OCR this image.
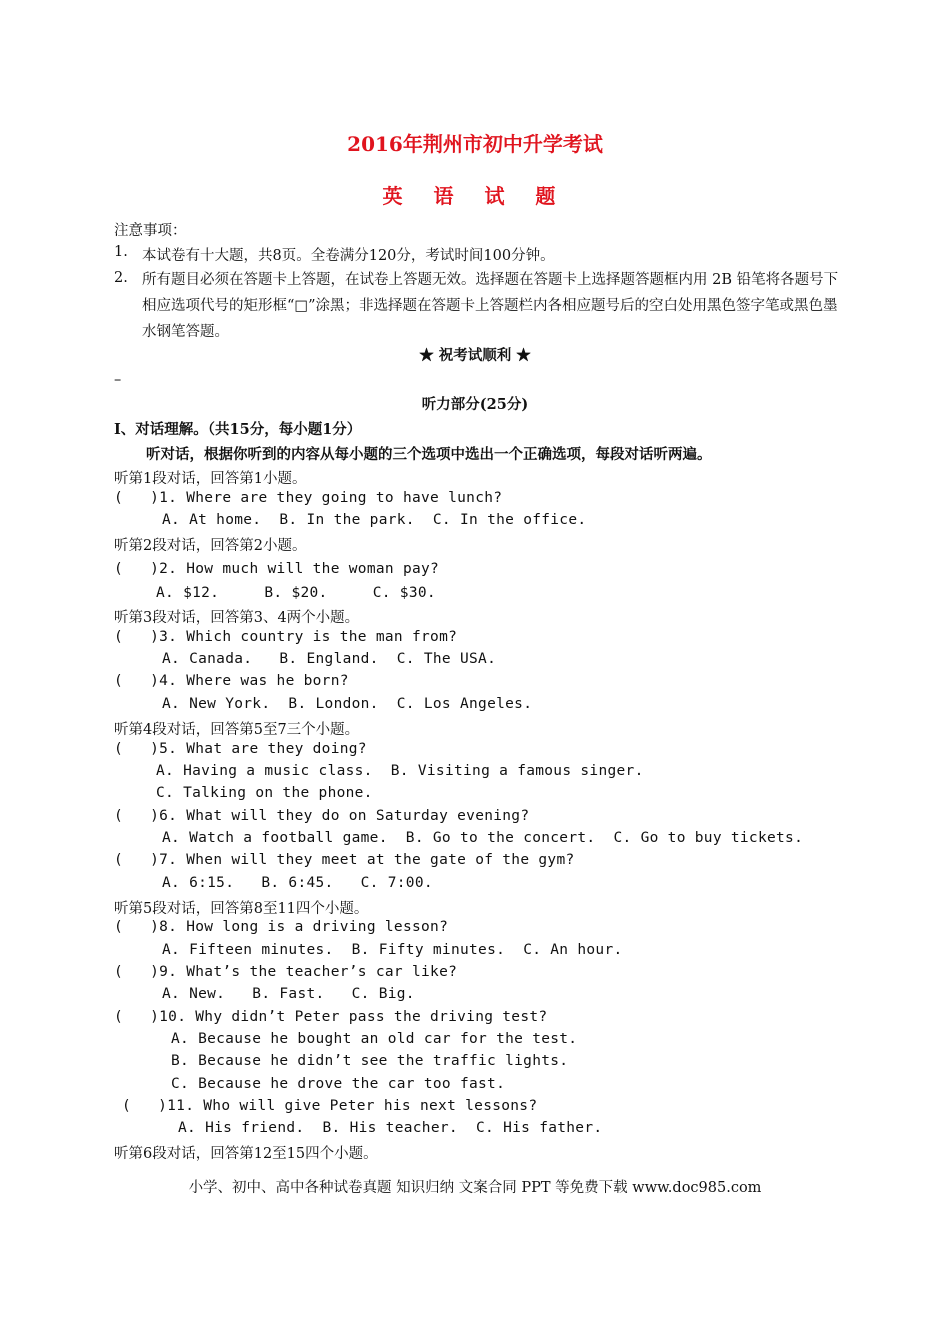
2016年荆州市初中升学考试
英 语 试 题
注意事项：
1. 本试卷有十大题，共8页。全卷满分120分，考试时间100分钟。
2. 所有题目必须在答题卡上答题，在试卷上答题无效。选择题在答题卡上选择题答题框内用 2B 铅笔将各题号下相应选项代号的矩形框“□”涂黑；非选择题在答题卡上答题栏内各相应题号后的空白处用黑色签字笔或黑色墨水钢笔答题。
★ 祝考试顺利 ★
–
听力部分(25分)
Ⅰ、对话理解。（共15分，每小题1分）
听对话，根据你听到的内容从每小题的三个选项中选出一个正确选项，每段对话听两遍。
听第1段对话，回答第1小题。
(   )1. Where are they going to have lunch?
A. At home.  B. In the park.  C. In the office.
听第2段对话，回答第2小题。
(   )2. How much will the woman pay?
A. $12.     B. $20.     C. $30.
听第3段对话，回答第3、4两个小题。
(   )3. Which country is the man from?
A. Canada.   B. England.  C. The USA.
(   )4. Where was he born?
A. New York.  B. London.  C. Los Angeles.
听第4段对话，回答第5至7三个小题。
(   )5. What are they doing?
A. Having a music class.  B. Visiting a famous singer.
C. Talking on the phone.
(   )6. What will they do on Saturday evening?
A. Watch a football game.  B. Go to the concert.  C. Go to buy tickets.
(   )7. When will they meet at the gate of the gym?
A. 6:15.   B. 6:45.   C. 7:00.
听第5段对话，回答第8至11四个小题。
(   )8. How long is a driving lesson?
A. Fifteen minutes.  B. Fifty minutes.  C. An hour.
(   )9. What’s the teacher’s car like?
A. New.   B. Fast.   C. Big.
(   )10. Why didn’t Peter pass the driving test?
A. Because he bought an old car for the test.
B. Because he didn’t see the traffic lights.
C. Because he drove the car too fast.
(   )11. Who will give Peter his next lessons?
A. His friend.  B. His teacher.  C. His father.
听第6段对话，回答第12至15四个小题。
小学、初中、高中各种试卷真题 知识归纳 文案合同 PPT 等免费下载 www.doc985.com
